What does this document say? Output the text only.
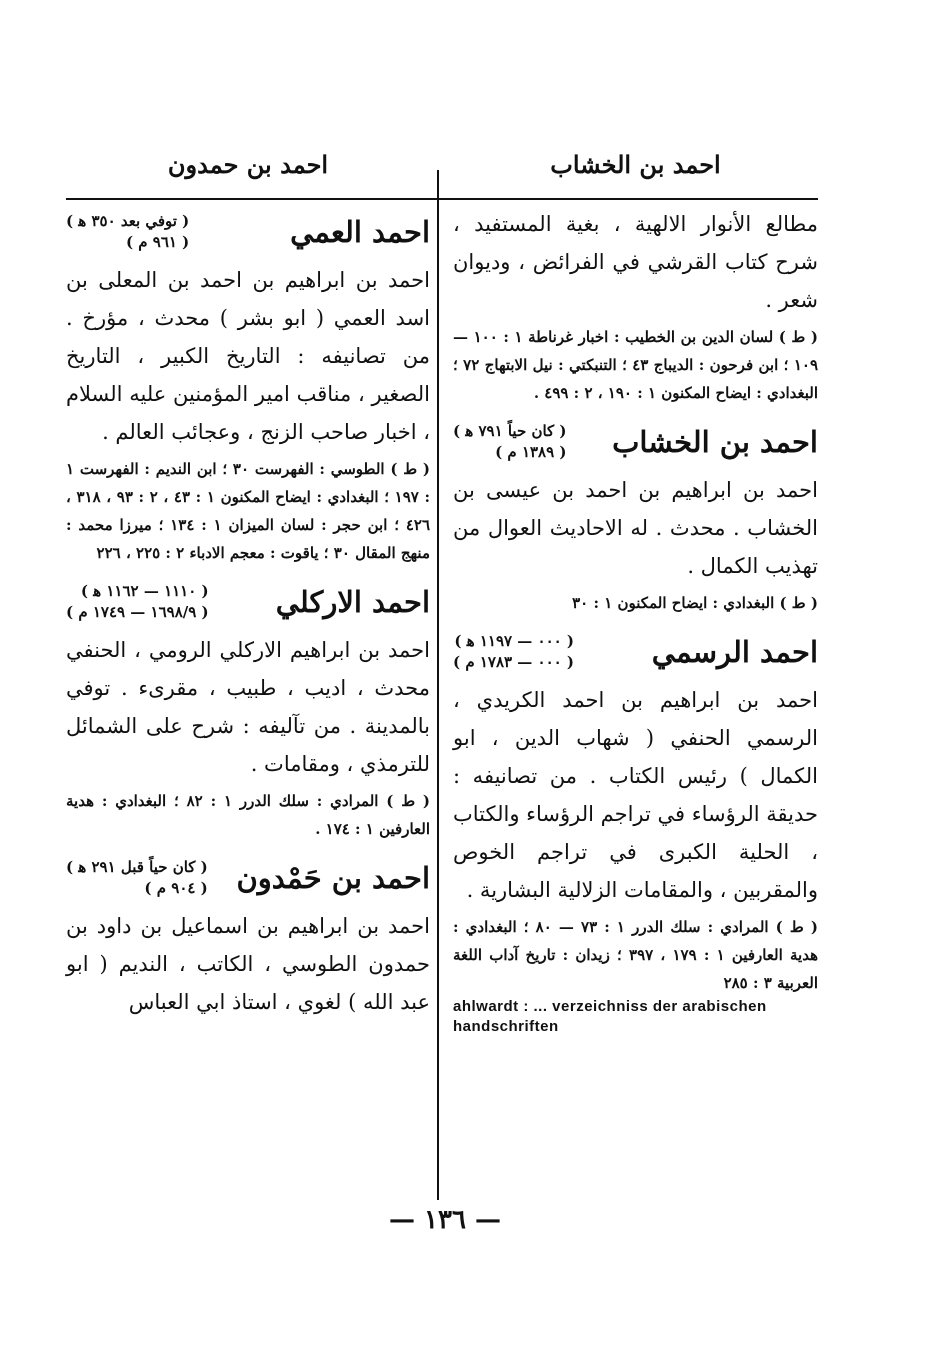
احمد بن الخشاب
احمد بن حمدون
مطالع الأنوار الالهية ، بغية المستفيد ، شرح كتاب القرشي في الفرائض ، وديوان شعر .
( ط ) لسان الدين بن الخطيب : اخبار غرناطة ١ : ١٠٠ — ١٠٩ ؛ ابن فرحون : الديباج ٤٣ ؛ التنبكتي : نيل الابتهاج ٧٢ ؛ البغدادي : ايضاح المكنون ١ : ١٩٠ ، ٢ : ٤٩٩ .
احمد بن الخشاب
( كان حياً ٧٩١ ﻫ )
( ١٣٨٩ م )
احمد بن ابراهيم بن احمد بن عيسى بن الخشاب . محدث . له الاحاديث العوال من تهذيب الكمال .
( ط ) البغدادي : ايضاح المكنون ١ : ٣٠
احمد الرسمي
( ٠٠٠ — ١١٩٧ ﻫ )
( ٠٠٠ — ١٧٨٣ م )
احمد بن ابراهيم بن احمد الكريدي ، الرسمي الحنفي ( شهاب الدين ، ابو الكمال ) رئيس الكتاب . من تصانيفه : حديقة الرؤساء في تراجم الرؤساء والكتاب ، الحلية الكبرى في تراجم الخوص والمقربين ، والمقامات الزلالية البشارية .
( ط ) المرادي : سلك الدرر ١ : ٧٣ — ٨٠ ؛ البغدادي : هدية العارفين ١ : ١٧٩ ، ٣٩٧ ؛ زيدان : تاريخ آداب اللغة العربية ٣ : ٢٨٥
ahlwardt : ... verzeichniss der arabischen handschriften
احمد العمي
( توفي بعد ٣٥٠ ﻫ )
( ٩٦١ م )
احمد بن ابراهيم بن احمد بن المعلى بن اسد العمي ( ابو بشر ) محدث ، مؤرخ . من تصانيفه : التاريخ الكبير ، التاريخ الصغير ، مناقب امير المؤمنين عليه السلام ، اخبار صاحب الزنج ، وعجائب العالم .
( ط ) الطوسي : الفهرست ٣٠ ؛ ابن النديم : الفهرست ١ : ١٩٧ ؛ البغدادي : ايضاح المكنون ١ : ٤٣ ، ٢ : ٩٣ ، ٣١٨ ، ٤٢٦ ؛ ابن حجر : لسان الميزان ١ : ١٣٤ ؛ ميرزا محمد : منهج المقال ٣٠ ؛ ياقوت : معجم الادباء ٢ : ٢٢٥ ، ٢٢٦
احمد الاركلي
( ١١١٠ — ١١٦٢ ﻫ )
( ١٦٩٨/٩ — ١٧٤٩ م )
احمد بن ابراهيم الاركلي الرومي ، الحنفي محدث ، اديب ، طبيب ، مقرىء . توفي بالمدينة . من تآليفه : شرح على الشمائل للترمذي ، ومقامات .
( ط ) المرادي : سلك الدرر ١ : ٨٢ ؛ البغدادي : هدية العارفين ١ : ١٧٤ .
احمد بن حَمْدون
( كان حياً قبل ٢٩١ ﻫ )
( ٩٠٤ م )
احمد بن ابراهيم بن اسماعيل بن داود بن حمدون الطوسي ، الكاتب ، النديم ( ابو عبد الله ) لغوي ، استاذ ابي العباس
— ١٣٦ —
